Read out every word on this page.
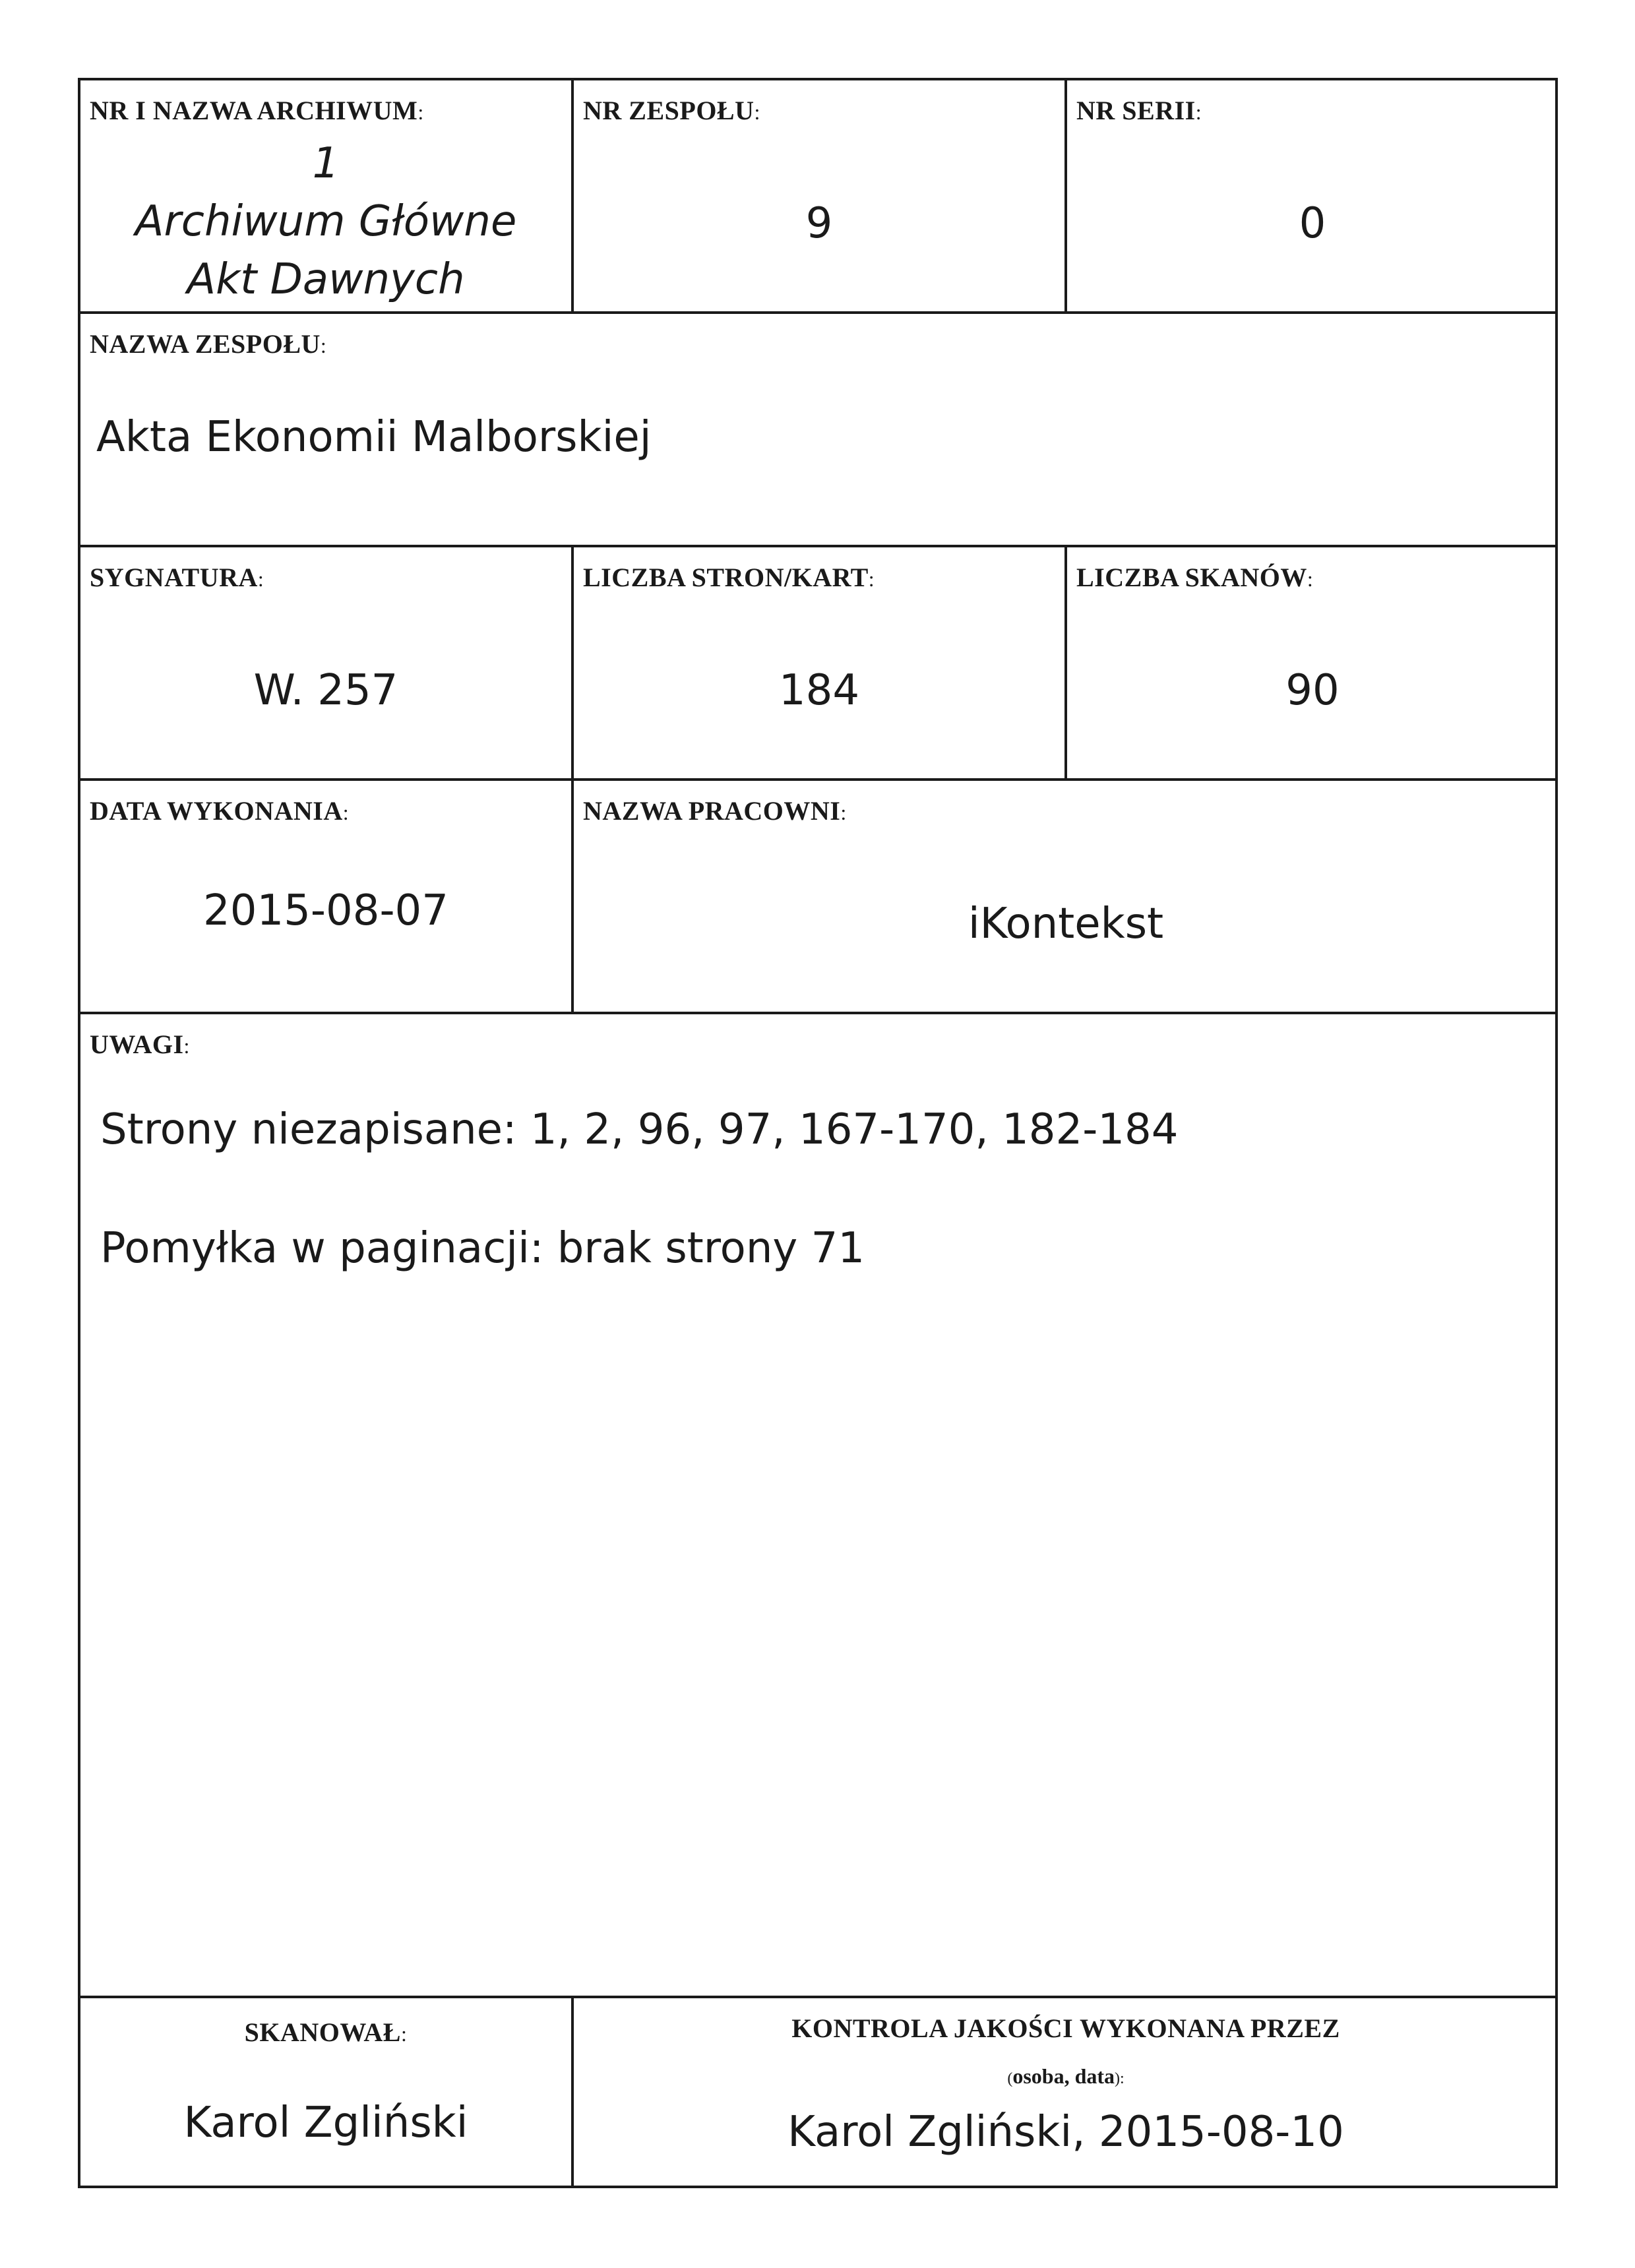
NR I NAZWA ARCHIWUM:
1
Archiwum Główne
Akt Dawnych
NR ZESPOŁU:
9
NR SERII:
0
NAZWA ZESPOŁU:
Akta Ekonomii Malborskiej
SYGNATURA:
W. 257
LICZBA STRON/KART:
184
LICZBA SKANÓW:
90
DATA WYKONANIA:
2015-08-07
NAZWA PRACOWNI:
iKontekst
UWAGI:
Strony niezapisane: 1, 2, 96, 97, 167-170, 182-184
Pomyłka w paginacji: brak strony 71
SKANOWAŁ:
Karol Zgliński
KONTROLA JAKOŚCI WYKONANA PRZEZ
(osoba, data):
Karol Zgliński, 2015-08-10
